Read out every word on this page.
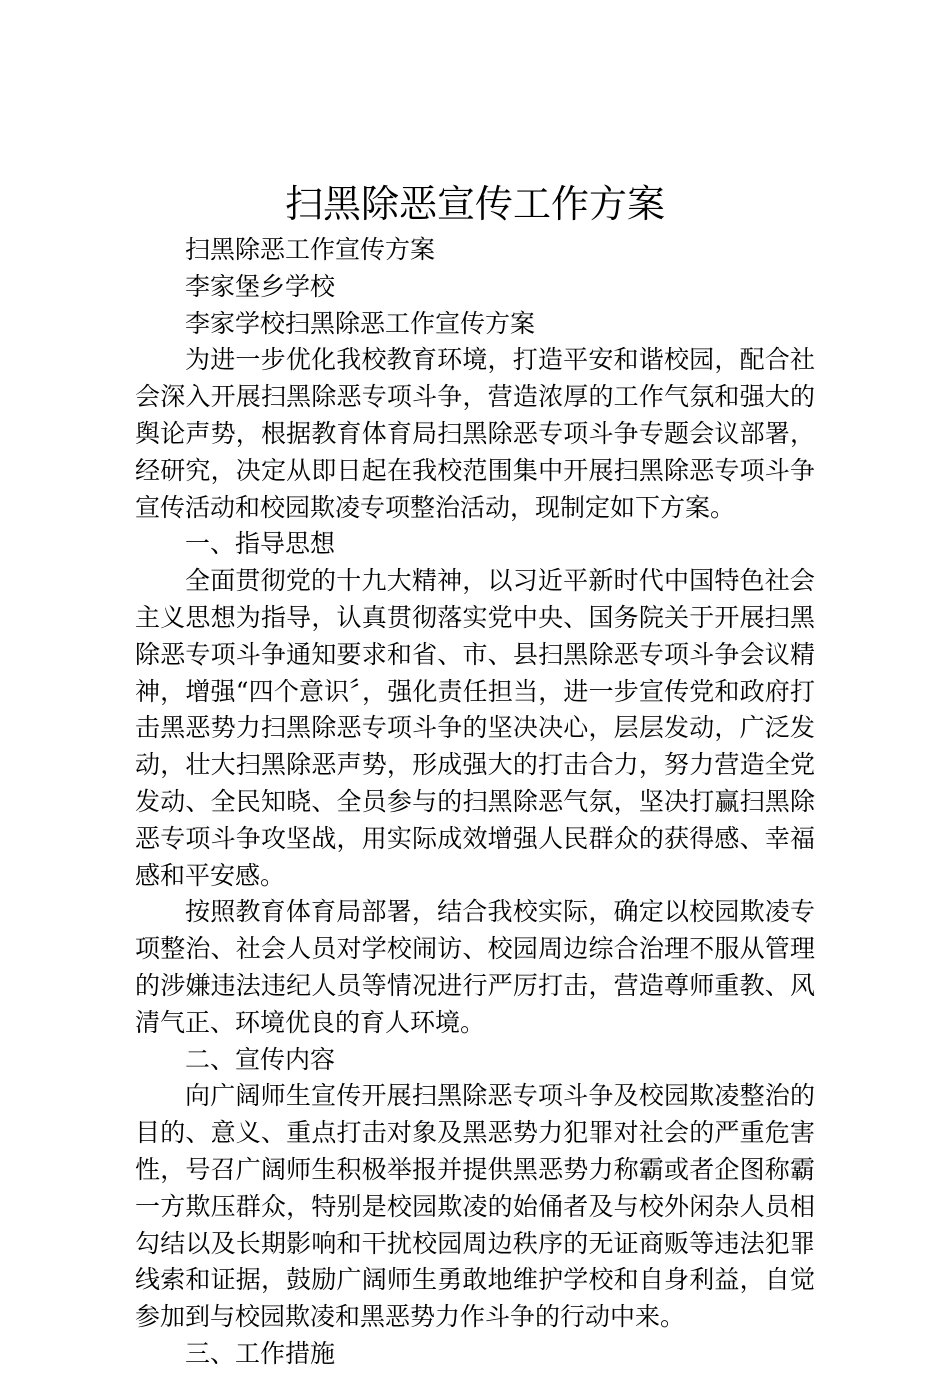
扫黑除恶宣传工作方案

扫黑除恶工作宣传方案

李家堡乡学校

李家学校扫黑除恶工作宣传方案

为进一步优化我校教育环境，打造平安和谐校园，配合社会深入开展扫黑除恶专项斗争，营造浓厚的工作气氛和强大的舆论声势，根据教育体育局扫黑除恶专项斗争专题会议部署，经研究，决定从即日起在我校范围集中开展扫黑除恶专项斗争宣传活动和校园欺凌专项整治活动，现制定如下方案。

一、指导思想

全面贯彻党的十九大精神，以习近平新时代中国特色社会主义思想为指导，认真贯彻落实党中央、国务院关于开展扫黑除恶专项斗争通知要求和省、市、县扫黑除恶专项斗争会议精神，增强“四个意识〞，强化责任担当，进一步宣传党和政府打击黑恶势力扫黑除恶专项斗争的坚决决心，层层发动，广泛发动，壮大扫黑除恶声势，形成强大的打击合力，努力营造全党发动、全民知晓、全员参与的扫黑除恶气氛，坚决打赢扫黑除恶专项斗争攻坚战，用实际成效增强人民群众的获得感、幸福感和平安感。

按照教育体育局部署，结合我校实际，确定以校园欺凌专项整治、社会人员对学校闹访、校园周边综合治理不服从管理的涉嫌违法违纪人员等情况进行严厉打击，营造尊师重教、风清气正、环境优良的育人环境。

二、宣传内容

向广阔师生宣传开展扫黑除恶专项斗争及校园欺凌整治的目的、意义、重点打击对象及黑恶势力犯罪对社会的严重危害性，号召广阔师生积极举报并提供黑恶势力称霸或者企图称霸一方欺压群众，特别是校园欺凌的始俑者及与校外闲杂人员相勾结以及长期影响和干扰校园周边秩序的无证商贩等违法犯罪线索和证据，鼓励广阔师生勇敢地维护学校和自身利益，自觉参加到与校园欺凌和黑恶势力作斗争的行动中来。

三、工作措施
